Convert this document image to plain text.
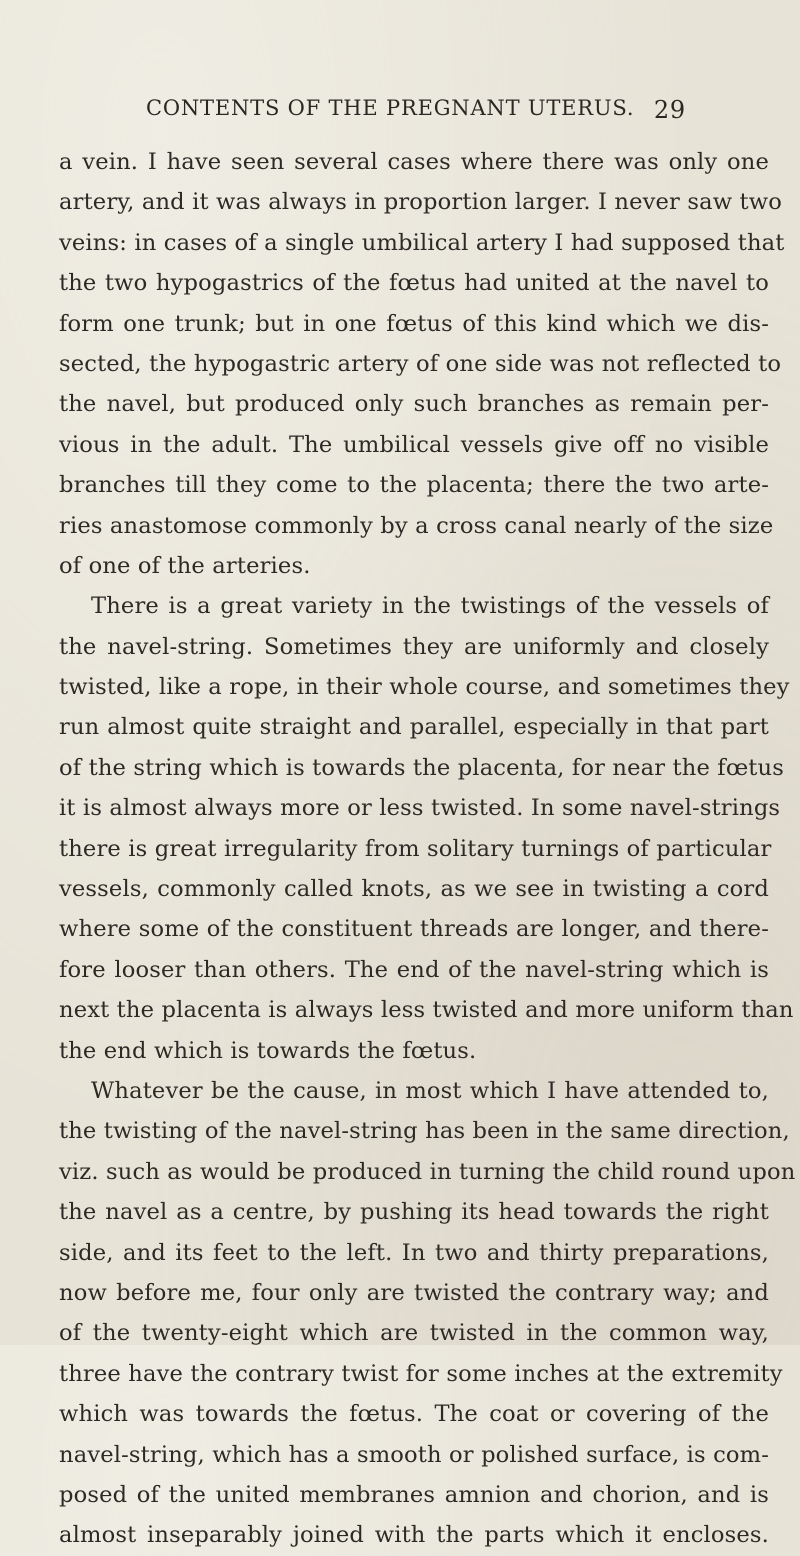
CONTENTS OF THE PREGNANT UTERUS. 29
a vein. I have seen several cases where there was only one
artery, and it was always in proportion larger. I never saw two
veins: in cases of a single umbilical artery I had supposed that
the two hypogastrics of the fœtus had united at the navel to
form one trunk; but in one fœtus of this kind which we dis-
sected, the hypogastric artery of one side was not reflected to
the navel, but produced only such branches as remain per-
vious in the adult. The umbilical vessels give off no visible
branches till they come to the placenta; there the two arte-
ries anastomose commonly by a cross canal nearly of the size
of one of the arteries.
There is a great variety in the twistings of the vessels of
the navel-string. Sometimes they are uniformly and closely
twisted, like a rope, in their whole course, and sometimes they
run almost quite straight and parallel, especially in that part
of the string which is towards the placenta, for near the fœtus
it is almost always more or less twisted. In some navel-strings
there is great irregularity from solitary turnings of particular
vessels, commonly called knots, as we see in twisting a cord
where some of the constituent threads are longer, and there-
fore looser than others. The end of the navel-string which is
next the placenta is always less twisted and more uniform than
the end which is towards the fœtus.
Whatever be the cause, in most which I have attended to,
the twisting of the navel-string has been in the same direction,
viz. such as would be produced in turning the child round upon
the navel as a centre, by pushing its head towards the right
side, and its feet to the left. In two and thirty preparations,
now before me, four only are twisted the contrary way; and
of the twenty-eight which are twisted in the common way,
three have the contrary twist for some inches at the extremity
which was towards the fœtus. The coat or covering of the
navel-string, which has a smooth or polished surface, is com-
posed of the united membranes amnion and chorion, and is
almost inseparably joined with the parts which it encloses.
